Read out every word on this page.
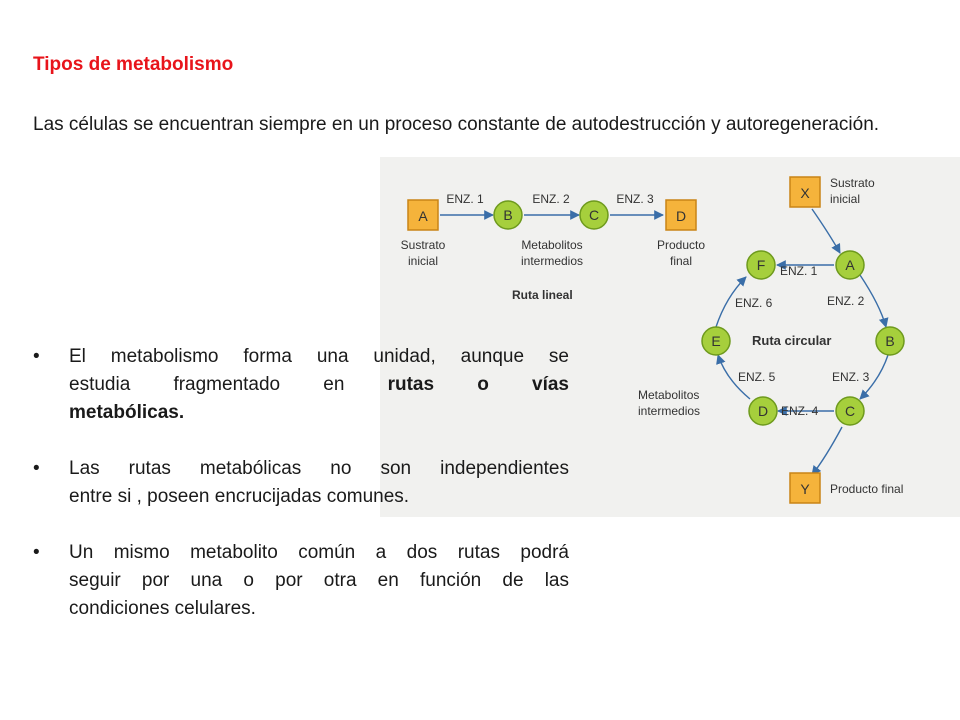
Tipos de metabolismo
Las células se encuentran siempre en un proceso constante de autodestrucción y autoregeneración.
A
ENZ. 1
B
ENZ. 2
C
ENZ. 3
D
Sustrato
inicial
Metabolitos
intermedios
Producto
final
Ruta lineal
X
Sustrato
inicial
A
B
C
D
E
F ENZ. 1
ENZ. 2
ENZ. 3
ENZ. 4
ENZ. 5
ENZ. 6
Ruta circular
Metabolitos
intermedios
Y Producto final
• El metabolismo forma una unidad, aunque se
estudia fragmentado en rutas o vías
metabólicas.
• Las rutas metabólicas no son independientes
entre si , poseen encrucijadas comunes.
• Un mismo metabolito común a dos rutas podrá
seguir por una o por otra en función de las
condiciones celulares.
